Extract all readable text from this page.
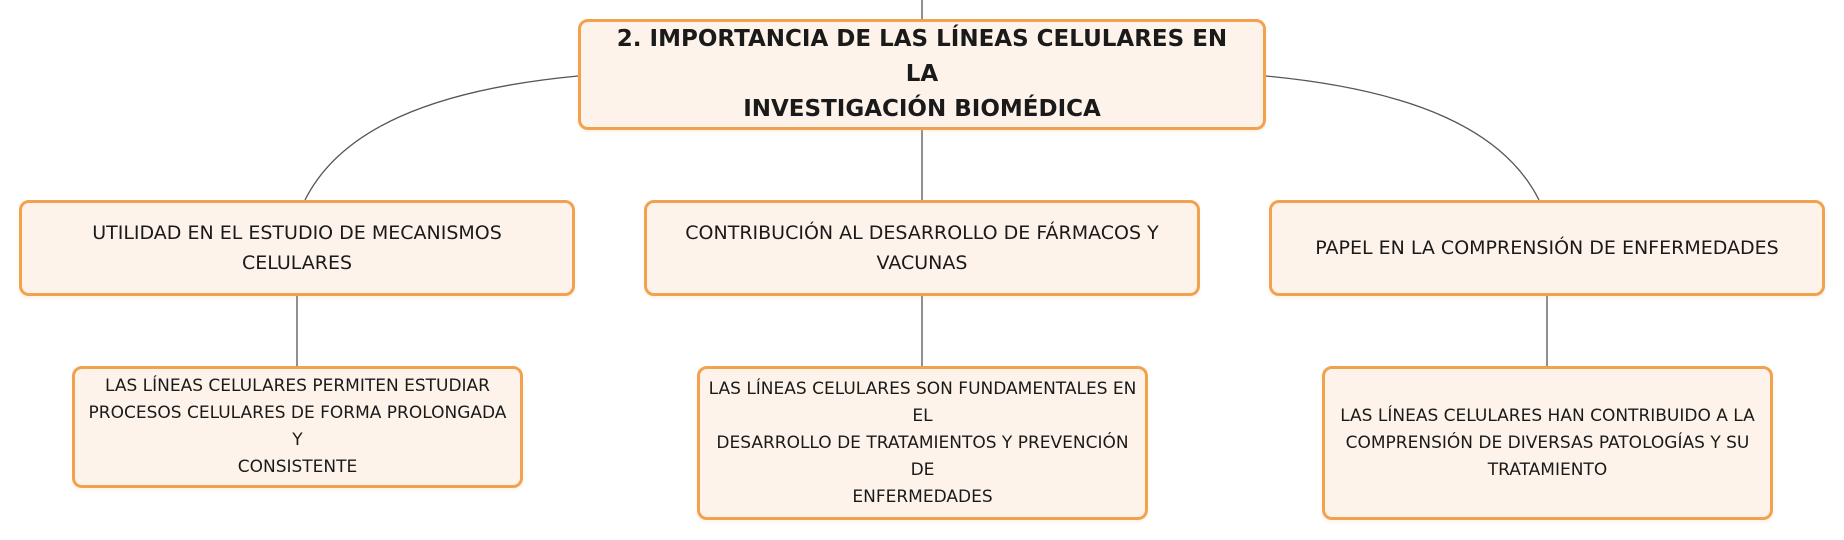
2. IMPORTANCIA DE LAS LÍNEAS CELULARES EN LA
INVESTIGACIÓN BIOMÉDICA
UTILIDAD EN EL ESTUDIO DE MECANISMOS CELULARES
CONTRIBUCIÓN AL DESARROLLO DE FÁRMACOS Y
VACUNAS
PAPEL EN LA COMPRENSIÓN DE ENFERMEDADES
LAS LÍNEAS CELULARES PERMITEN ESTUDIAR
PROCESOS CELULARES DE FORMA PROLONGADA Y
CONSISTENTE
LAS LÍNEAS CELULARES SON FUNDAMENTALES EN EL
DESARROLLO DE TRATAMIENTOS Y PREVENCIÓN DE
ENFERMEDADES
LAS LÍNEAS CELULARES HAN CONTRIBUIDO A LA
COMPRENSIÓN DE DIVERSAS PATOLOGÍAS Y SU
TRATAMIENTO
